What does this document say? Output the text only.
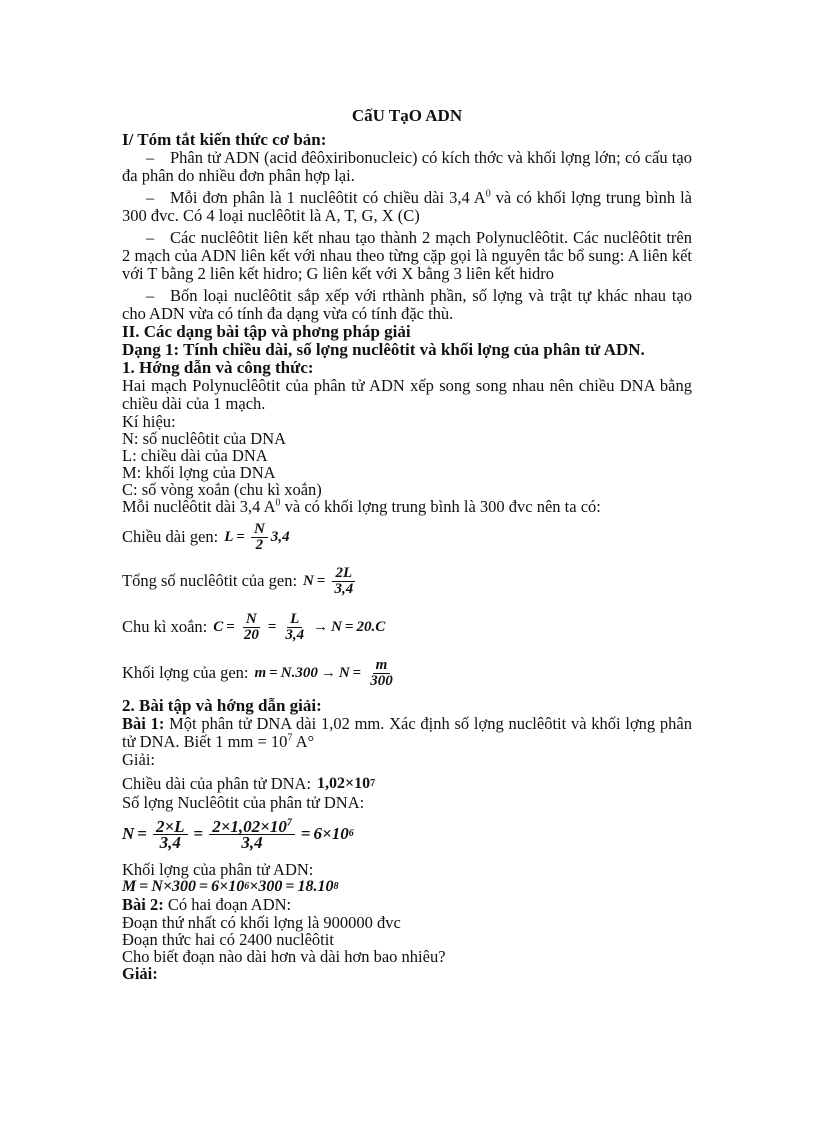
CấU TạO ADN
I/ Tóm tắt kiến thức cơ bản:

– Phân tử ADN (acid đêôxiribonucleic) có kích thớc và khối lợng lớn; có cấu tạo đa phân do nhiều đơn phân hợp lại.

– Mỗi đơn phân là 1 nuclêôtit có chiều dài 3,4 $A^0$ và có khối lợng trung bình là 300 đvc. Có 4 loại nuclêôtit là A, T, G, X (C)

– Các nuclêôtit liên kết nhau tạo thành 2 mạch Polynuclêôtit. Các nuclêôtit trên 2 mạch của ADN liên kết với nhau theo từng cặp gọi là nguyên tắc bổ sung: A liên kết với T bằng 2 liên kết hidro; G liên kết với X bằng 3 liên kết hidro

– Bốn loại nuclêôtit sắp xếp với rthành phần, số lợng và trật tự khác nhau tạo cho ADN vừa có tính đa dạng vừa có tính đặc thù.

II. Các dạng bài tập và phơng pháp giải
Dạng 1: Tính chiều dài, số lợng nuclêôtit và khối lợng của phân tử ADN.
1. Hớng dẫn và công thức:

Hai mạch Polynuclêôtit của phân tử ADN xếp song song nhau nên chiều DNA bằng chiều dài của 1 mạch.

Kí hiệu:
N: số nuclêôtit của DNA
L: chiều dài của DNA
M: khối lợng của DNA
C: số vòng xoắn (chu kì xoắn)
Mỗi nuclêôtit dài 3,4 $A^0$ và có khối lợng trung bình là 300 đvc nên ta có:
Chiều dài gen: $L = \frac{N}{2} 3,4$
Tổng số nuclêôtit của gen: $N = \frac{2L}{3,4}$
Chu kì xoắn: $C = \frac{N}{20} = \frac{L}{3,4} \to N = 20.C$
Khối lợng của gen: $m = N.300 \to N = \frac{m}{300}$
2. Bài tập và hớng dẫn giải:

Bài 1: Một phân tử DNA dài 1,02 mm. Xác định số lợng nuclêôtit và khối lợng phân tử DNA. Biết 1 mm = $10^7$ A°

Giải:
Chiều dài của phân tử DNA: 1,02×10 7
Số lợng Nuclêôtit của phân tử DNA:
$N = \frac{2\times L}{3,4} = \frac{2\times 1,02\times 10^7}{3,4} = 6\times 10$ 6
Khối lợng của phân tử ADN:
M = N×300 = 6×10 6 ×300 = 18.10 8

Bài 2: Có hai đoạn ADN:

Đoạn thứ nhất có khối lợng là 900000 đvc
Đoạn thức hai có 2400 nuclêôtit
Cho biết đoạn nào dài hơn và dài hơn bao nhiêu?
Giải:
